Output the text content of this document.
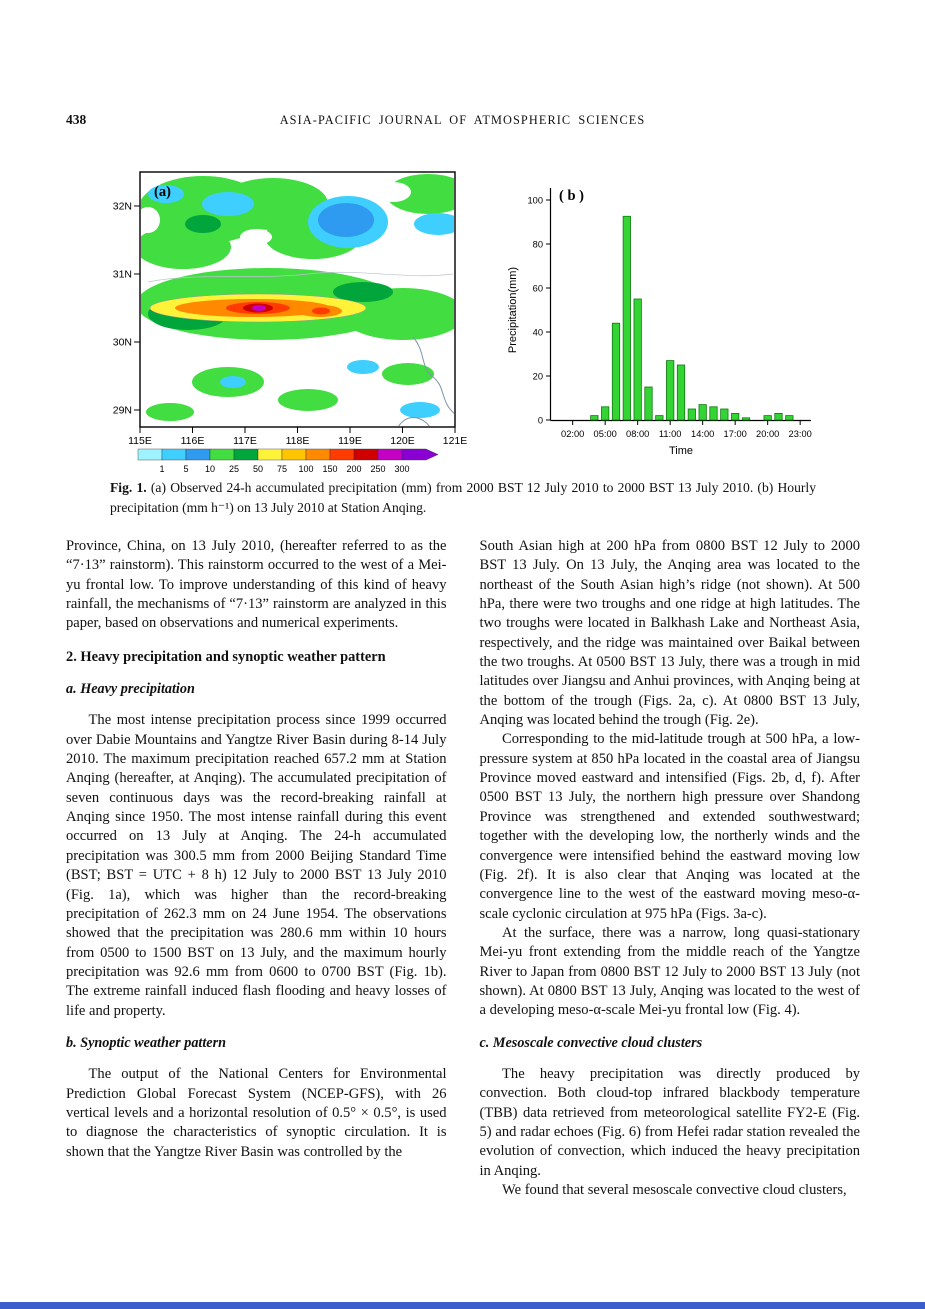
438	ASIA-PACIFIC JOURNAL OF ATMOSPHERIC SCIENCES
32N
31N
30N
29N
115E	116E	117E	118E	119E	120E	121E
1 5 10 25 50 75 100 150 200 250 300
(a)
0
20
40
60
80
100
02:00 05:00 08:00 11:00 14:00 17:00 20:00 23:00
Precipitation(mm)
Time
( b )

Fig. 1. (a) Observed 24-h accumulated precipitation (mm) from 2000 BST 12 July 2010 to 2000 BST 13 July 2010. (b) Hourly precipitation (mm h⁻¹) on 13 July 2010 at Station Anqing.

Province, China, on 13 July 2010, (hereafter referred to as the “7·13” rainstorm). This rainstorm occurred to the west of a Mei-yu frontal low. To improve understanding of this kind of heavy rainfall, the mechanisms of “7·13” rainstorm are analyzed in this paper, based on observations and numerical experiments.

2. Heavy precipitation and synoptic weather pattern
a. Heavy precipitation

The most intense precipitation process since 1999 occurred over Dabie Mountains and Yangtze River Basin during 8-14 July 2010. The maximum precipitation reached 657.2 mm at Station Anqing (hereafter, at Anqing). The accumulated precipitation of seven continuous days was the record-breaking rainfall at Anqing since 1950. The most intense rainfall during this event occurred on 13 July at Anqing. The 24-h accumulated precipitation was 300.5 mm from 2000 Beijing Standard Time (BST; BST = UTC + 8 h) 12 July to 2000 BST 13 July 2010 (Fig. 1a), which was higher than the record-breaking precipitation of 262.3 mm on 24 June 1954. The observations showed that the precipitation was 280.6 mm within 10 hours from 0500 to 1500 BST on 13 July, and the maximum hourly precipitation was 92.6 mm from 0600 to 0700 BST (Fig. 1b). The extreme rainfall induced flash flooding and heavy losses of life and property.

b. Synoptic weather pattern

The output of the National Centers for Environmental Prediction Global Forecast System (NCEP-GFS), with 26 vertical levels and a horizontal resolution of 0.5° × 0.5°, is used to diagnose the characteristics of synoptic circulation. It is shown that the Yangtze River Basin was controlled by the

South Asian high at 200 hPa from 0800 BST 12 July to 2000 BST 13 July. On 13 July, the Anqing area was located to the northeast of the South Asian high’s ridge (not shown). At 500 hPa, there were two troughs and one ridge at high latitudes. The two troughs were located in Balkhash Lake and Northeast Asia, respectively, and the ridge was maintained over Baikal between the two troughs. At 0500 BST 13 July, there was a trough in mid latitudes over Jiangsu and Anhui provinces, with Anqing being at the bottom of the trough (Figs. 2a, c). At 0800 BST 13 July, Anqing was located behind the trough (Fig. 2e).

Corresponding to the mid-latitude trough at 500 hPa, a low-pressure system at 850 hPa located in the coastal area of Jiangsu Province moved eastward and intensified (Figs. 2b, d, f). After 0500 BST 13 July, the northern high pressure over Shandong Province was strengthened and extended southwestward; together with the developing low, the northerly winds and the convergence were intensified behind the eastward moving low (Fig. 2f). It is also clear that Anqing was located at the convergence line to the west of the eastward moving meso-α-scale cyclonic circulation at 975 hPa (Figs. 3a-c).

At the surface, there was a narrow, long quasi-stationary Mei-yu front extending from the middle reach of the Yangtze River to Japan from 0800 BST 12 July to 2000 BST 13 July (not shown). At 0800 BST 13 July, Anqing was located to the west of a developing meso-α-scale Mei-yu frontal low (Fig. 4).

c. Mesoscale convective cloud clusters

The heavy precipitation was directly produced by convection. Both cloud-top infrared blackbody temperature (TBB) data retrieved from meteorological satellite FY2-E (Fig. 5) and radar echoes (Fig. 6) from Hefei radar station revealed the evolution of convection, which induced the heavy precipitation in Anqing.

We found that several mesoscale convective cloud clusters,
